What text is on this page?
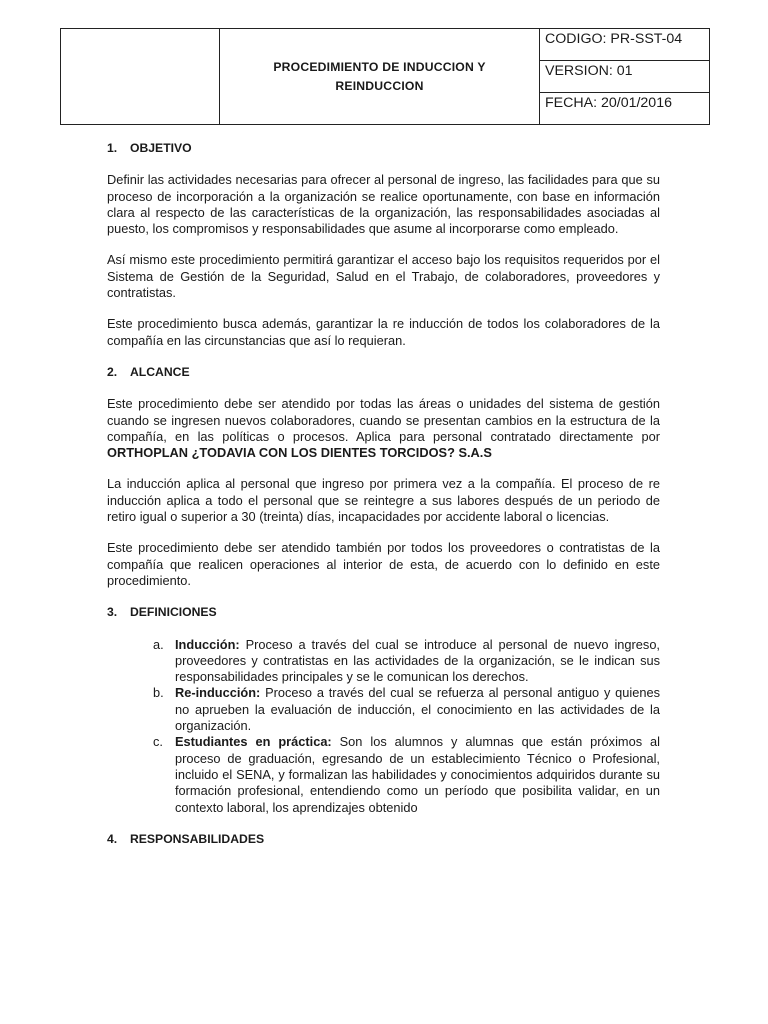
PROCEDIMIENTO DE INDUCCION Y REINDUCCION
CODIGO: PR-SST-04
VERSION: 01
FECHA: 20/01/2016
1. OBJETIVO

Definir las actividades necesarias para ofrecer al personal de ingreso, las facilidades para que su proceso de incorporación a la organización se realice oportunamente, con base en información clara al respecto de las características de la organización, las responsabilidades asociadas al puesto, los compromisos y responsabilidades que asume al incorporarse como empleado.

Así mismo este procedimiento permitirá garantizar el acceso bajo los requisitos requeridos por el Sistema de Gestión de la Seguridad, Salud en el Trabajo, de colaboradores, proveedores y contratistas.

Este procedimiento busca además, garantizar la re inducción de todos los colaboradores de la compañía en las circunstancias que así lo requieran.

2. ALCANCE

Este procedimiento debe ser atendido por todas las áreas o unidades del sistema de gestión cuando se ingresen nuevos colaboradores, cuando se presentan cambios en la estructura de la compañía, en las políticas o procesos. Aplica para personal contratado directamente por ORTHOPLAN ¿TODAVIA CON LOS DIENTES TORCIDOS? S.A.S

La inducción aplica al personal que ingreso por primera vez a la compañía. El proceso de re inducción aplica a todo el personal que se reintegre a sus labores después de un periodo de retiro igual o superior a 30 (treinta) días, incapacidades por accidente laboral o licencias.

Este procedimiento debe ser atendido también por todos los proveedores o contratistas de la compañía que realicen operaciones al interior de esta, de acuerdo con lo definido en este procedimiento.

3. DEFINICIONES
a. Inducción: Proceso a través del cual se introduce al personal de nuevo ingreso, proveedores y contratistas en las actividades de la organización, se le indican sus responsabilidades principales y se le comunican los derechos.
b. Re-inducción: Proceso a través del cual se refuerza al personal antiguo y quienes no aprueben la evaluación de inducción, el conocimiento en las actividades de la organización.
c. Estudiantes en práctica: Son los alumnos y alumnas que están próximos al proceso de graduación, egresando de un establecimiento Técnico o Profesional, incluido el SENA, y formalizan las habilidades y conocimientos adquiridos durante su formación profesional, entendiendo como un período que posibilita validar, en un contexto laboral, los aprendizajes obtenido
4. RESPONSABILIDADES
